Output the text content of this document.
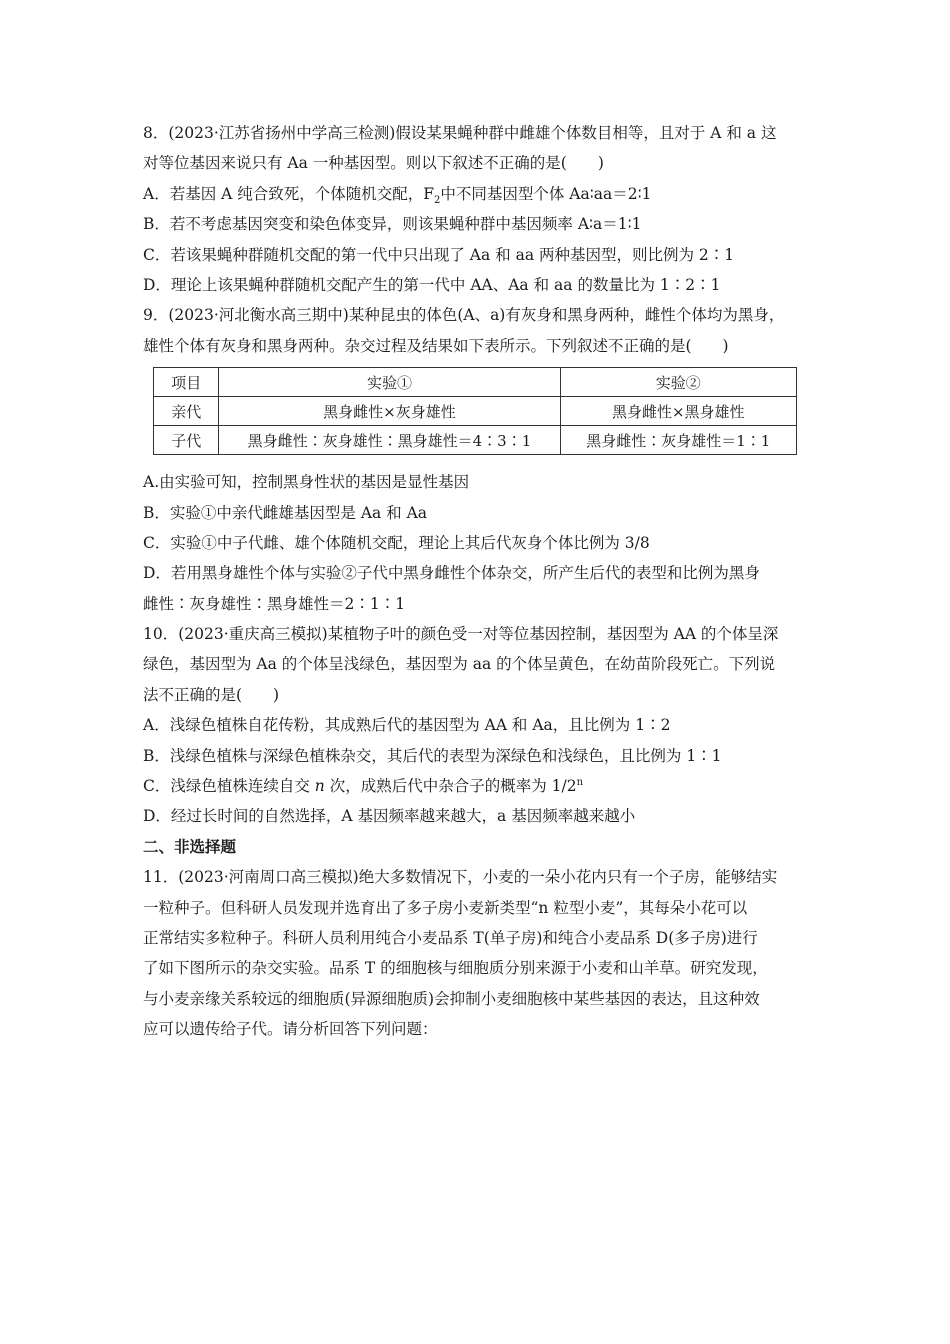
8．(2023·江苏省扬州中学高三检测)假设某果蝇种群中雌雄个体数目相等，且对于 A 和 a 这
对等位基因来说只有 Aa 一种基因型。则以下叙述不正确的是(　　)
A．若基因 A 纯合致死，个体随机交配，$F_2$中不同基因型个体 Aa∶aa＝2∶1
B．若不考虑基因突变和染色体变异，则该果蝇种群中基因频率 A∶a＝1∶1
C．若该果蝇种群随机交配的第一代中只出现了 Aa 和 aa 两种基因型，则比例为 2∶1
D．理论上该果蝇种群随机交配产生的第一代中 AA、Aa 和 aa 的数量比为 1∶2∶1
9．(2023·河北衡水高三期中)某种昆虫的体色(A、a)有灰身和黑身两种，雌性个体均为黑身，
雄性个体有灰身和黑身两种。杂交过程及结果如下表所示。下列叙述不正确的是(　　)
项目	实验①	实验②
亲代	黑身雌性×灰身雄性	黑身雌性×黑身雄性
子代	黑身雌性∶灰身雄性∶黑身雄性＝4∶3∶1	黑身雌性∶灰身雄性＝1∶1
A.由实验可知，控制黑身性状的基因是显性基因
B．实验①中亲代雌雄基因型是 Aa 和 Aa
C．实验①中子代雌、雄个体随机交配，理论上其后代灰身个体比例为 3/8
D．若用黑身雄性个体与实验②子代中黑身雌性个体杂交，所产生后代的表型和比例为黑身
雌性∶灰身雄性∶黑身雄性＝2∶1∶1
10．(2023·重庆高三模拟)某植物子叶的颜色受一对等位基因控制，基因型为 AA 的个体呈深
绿色，基因型为 Aa 的个体呈浅绿色，基因型为 aa 的个体呈黄色，在幼苗阶段死亡。下列说
法不正确的是(　　)
A．浅绿色植株自花传粉，其成熟后代的基因型为 AA 和 Aa，且比例为 1∶2
B．浅绿色植株与深绿色植株杂交，其后代的表型为深绿色和浅绿色，且比例为 1∶1
C．浅绿色植株连续自交 n 次，成熟后代中杂合子的概率为 1/2$^n$
D．经过长时间的自然选择，A 基因频率越来越大，a 基因频率越来越小
二、非选择题
11．(2023·河南周口高三模拟)绝大多数情况下，小麦的一朵小花内只有一个子房，能够结实
一粒种子。但科研人员发现并选育出了多子房小麦新类型“n 粒型小麦”，其每朵小花可以
正常结实多粒种子。科研人员利用纯合小麦品系 T(单子房)和纯合小麦品系 D(多子房)进行
了如下图所示的杂交实验。品系 T 的细胞核与细胞质分别来源于小麦和山羊草。研究发现，
与小麦亲缘关系较远的细胞质(异源细胞质)会抑制小麦细胞核中某些基因的表达，且这种效
应可以遗传给子代。请分析回答下列问题：
